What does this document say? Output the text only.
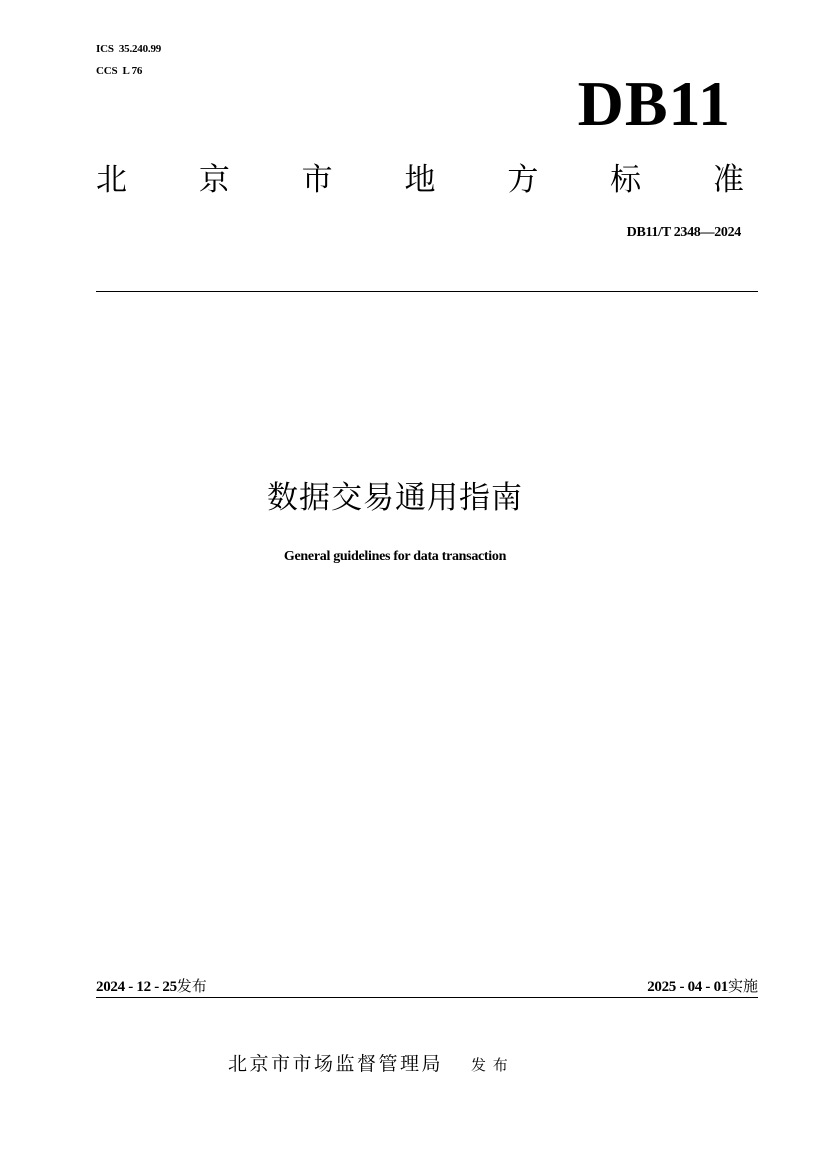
ICS  35.240.99
CCS  L 76	DB11
北 京 市 地 方 标 准
DB11/T 2348—2024
数据交易通用指南
General guidelines for data transaction
2024 - 12 - 25发布	2025 - 04 - 01实施
北京市市场监督管理局 发 布
